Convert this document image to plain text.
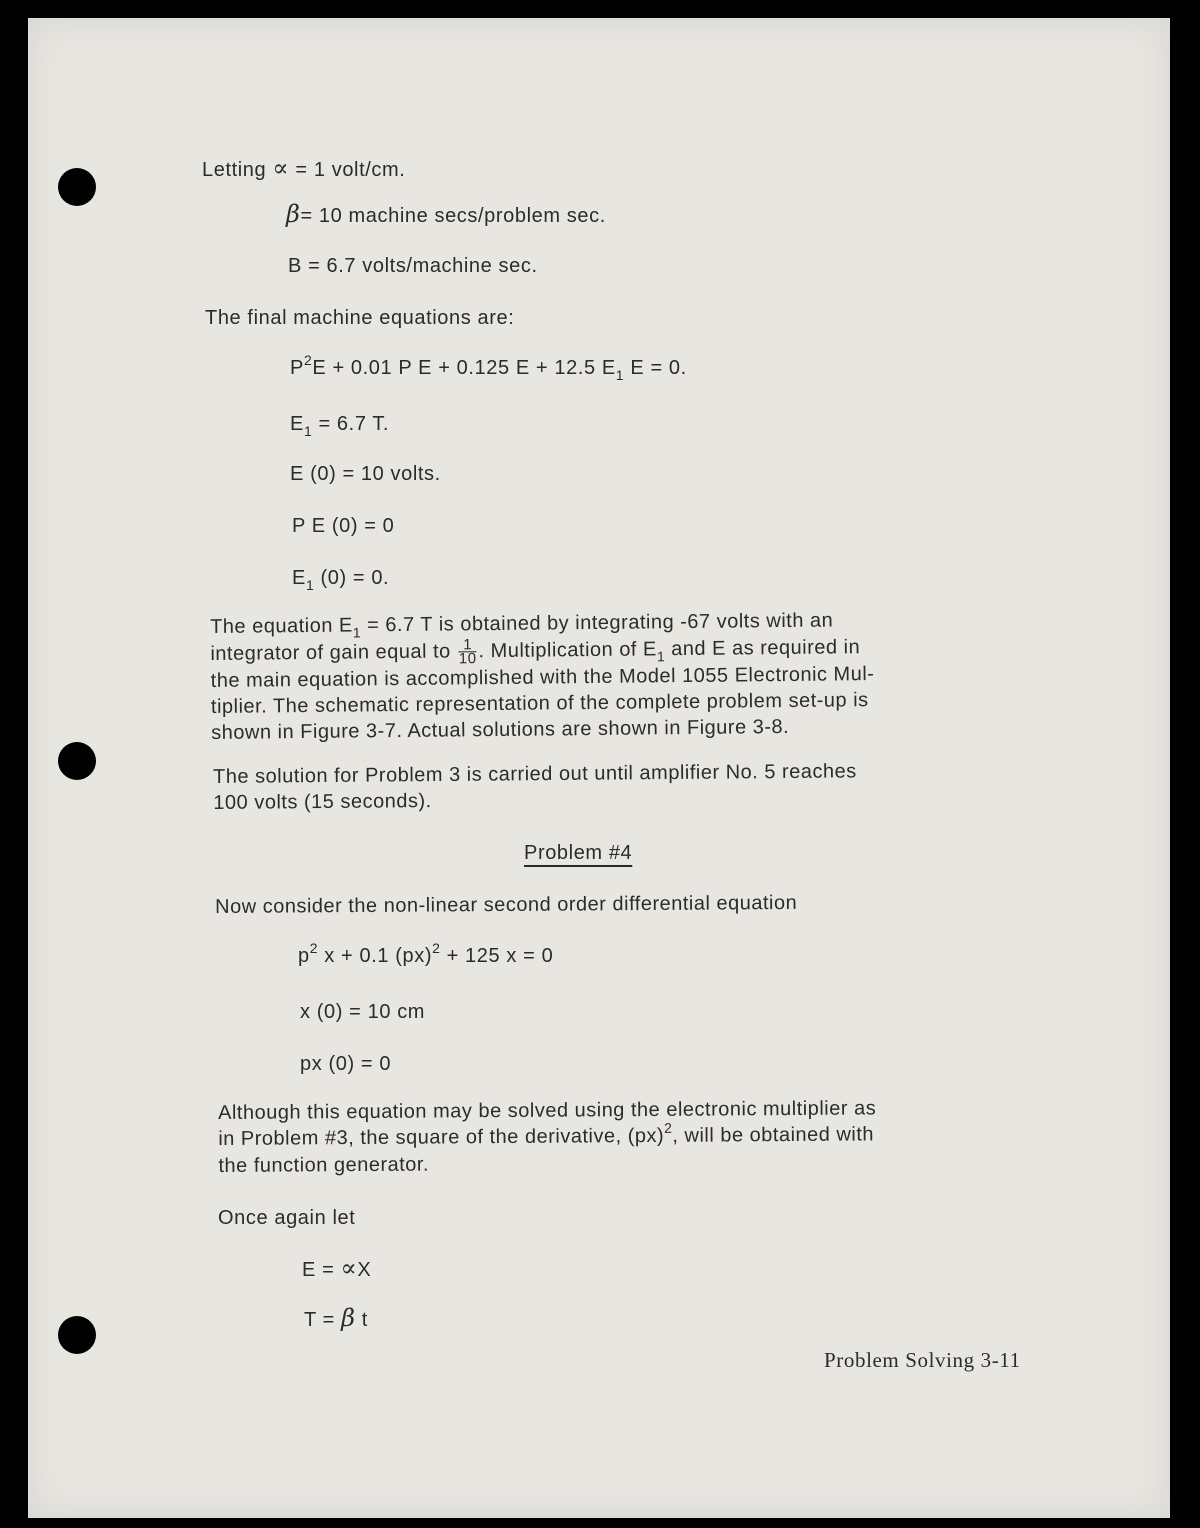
Letting ∝ = 1 volt/cm.
β= 10 machine secs/problem sec.
B = 6.7 volts/machine sec.
The final machine equations are:
$P^2E + 0.01$ P E + 0.125 E + 12.5 $E_1$ E = 0.
$E_1 = 6.7$ T.
E (0) = 10 volts.
P E (0) = 0
$E_1$ (0) = 0.
The equation $E_1 = 6.7$ T is obtained by integrating -67 volts with an
integrator of gain equal to $\frac{1}{10}$ . Multiplication of $E_1$ and E as required in
the main equation is accomplished with the Model 1055 Electronic Mul-
tiplier. The schematic representation of the complete problem set-up is
shown in Figure 3-7. Actual solutions are shown in Figure 3-8.
The solution for Problem 3 is carried out until amplifier No. 5 reaches
100 volts (15 seconds).
Problem #4
Now consider the non-linear second order differential equation
$p^2$ x + 0.1 (px)$^2$ + 125 x = 0
x (0) = 10 cm
px (0) = 0
Although this equation may be solved using the electronic multiplier as
in Problem #3, the square of the derivative, (px)$^2$, will be obtained with
the function generator.
Once again let
E = ∝X
T = β t
Problem Solving 3-11
